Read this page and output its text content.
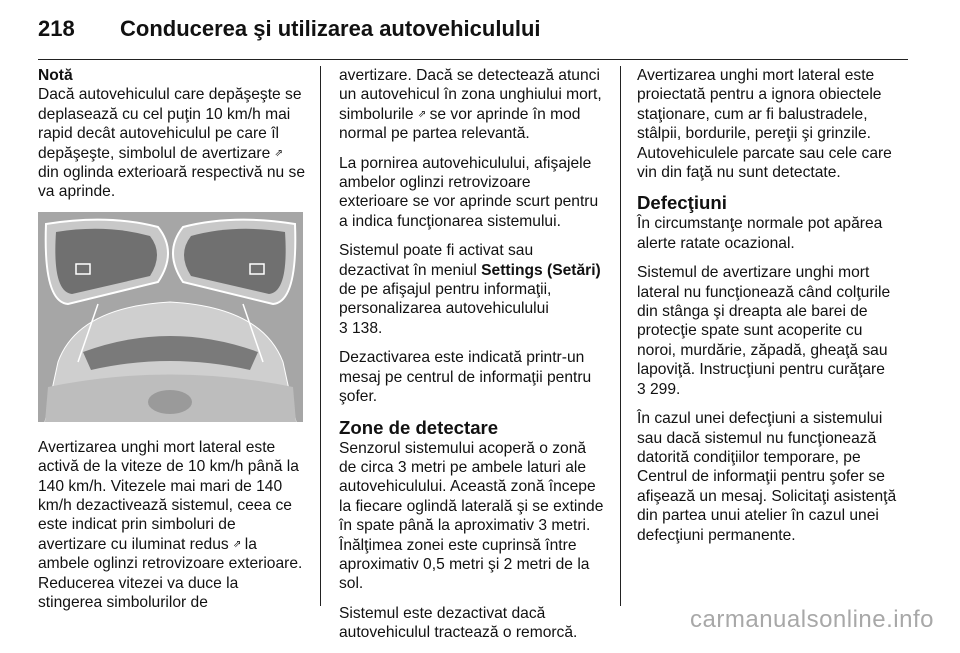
218 Conducerea şi utilizarea autovehiculului

Notă
Dacă autovehiculul care depăşeşte se deplasează cu cel puţin 10 km/h mai rapid decât autovehiculul pe care îl depăşeşte, simbolul de avertizare ⇗ din oglinda exterioară respectivă nu se va aprinde.

Avertizarea unghi mort lateral este activă de la viteze de 10 km/h până la 140 km/h. Vitezele mai mari de 140 km/h dezactivează sistemul, ceea ce este indicat prin simboluri de avertizare cu iluminat redus ⇗ la ambele oglinzi retrovizoare exterioare. Reducerea vitezei va duce la stingerea simbolurilor de

avertizare. Dacă se detectează atunci un autovehicul în zona unghiului mort, simbolurile ⇗ se vor aprinde în mod normal pe partea relevantă.

La pornirea autovehiculului, afişajele ambelor oglinzi retrovizoare exterioare se vor aprinde scurt pentru a indica funcţionarea sistemului.

Sistemul poate fi activat sau dezactivat în meniul Settings (Setări) de pe afişajul pentru informaţii, personalizarea autovehiculului
3 138.

Dezactivarea este indicată printr-un mesaj pe centrul de informaţii pentru şofer.

Zone de detectare

Senzorul sistemului acoperă o zonă de circa 3 metri pe ambele laturi ale autovehiculului. Această zonă începe la fiecare oglindă laterală şi se extinde în spate până la aproximativ 3 metri. Înălţimea zonei este cuprinsă între aproximativ 0,5 metri şi 2 metri de la sol.

Sistemul este dezactivat dacă autovehiculul tractează o remorcă.

Avertizarea unghi mort lateral este proiectată pentru a ignora obiectele staţionare, cum ar fi balustradele, stâlpii, bordurile, pereţii şi grinzile. Autovehiculele parcate sau cele care vin din faţă nu sunt detectate.

Defecţiuni

În circumstanţe normale pot apărea alerte ratate ocazional.

Sistemul de avertizare unghi mort lateral nu funcţionează când colţurile din stânga şi dreapta ale barei de protecţie spate sunt acoperite cu noroi, murdărie, zăpadă, gheaţă sau lapoviţă. Instrucţiuni pentru curăţare
3 299.

În cazul unei defecţiuni a sistemului sau dacă sistemul nu funcţionează datorită condiţiilor temporare, pe Centrul de informaţii pentru şofer se afişează un mesaj. Solicitaţi asistenţă din partea unui atelier în cazul unei defecţiuni permanente.

carmanualsonline.info
